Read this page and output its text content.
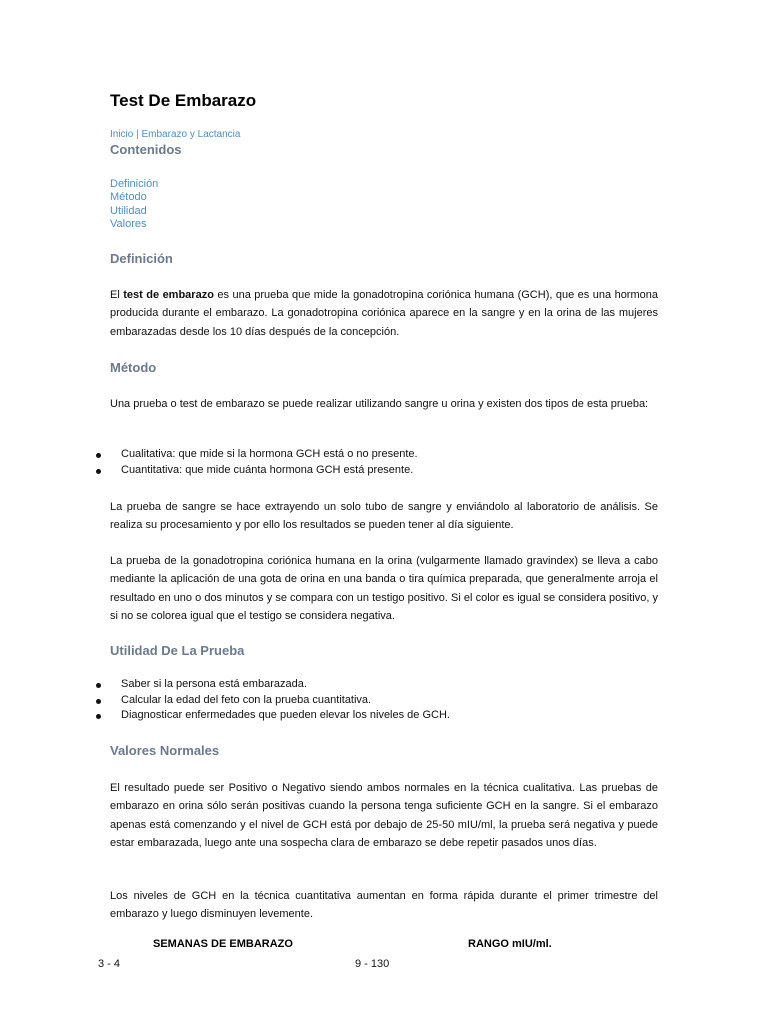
Test De Embarazo
Inicio | Embarazo y Lactancia
Contenidos
Definición
Método
Utilidad
Valores
Definición
El test de embarazo es una prueba que mide la gonadotropina coriónica humana (GCH), que es una hormona producida durante el embarazo. La gonadotropina coriónica aparece en la sangre y en la orina de las mujeres embarazadas desde los 10 días después de la concepción.
Método
Una prueba o test de embarazo se puede realizar utilizando sangre u orina y existen dos tipos de esta prueba:
Cualitativa: que mide si la hormona GCH está o no presente.
Cuantitativa: que mide cuánta hormona GCH está presente.
La prueba de sangre se hace extrayendo un solo tubo de sangre y enviándolo al laboratorio de análisis. Se realiza su procesamiento y por ello los resultados se pueden tener al día siguiente.
La prueba de la gonadotropina coriónica humana en la orina (vulgarmente llamado gravindex) se lleva a cabo mediante la aplicación de una gota de orina en una banda o tira química preparada, que generalmente arroja el resultado en uno o dos minutos y se compara con un testigo positivo. Si el color es igual se considera positivo, y si no se colorea igual que el testigo se considera negativa.
Utilidad De La Prueba
Saber si la persona está embarazada.
Calcular la edad del feto con la prueba cuantitativa.
Diagnosticar enfermedades que pueden elevar los niveles de GCH.
Valores Normales
El resultado puede ser Positivo o Negativo siendo ambos normales en la técnica cualitativa. Las pruebas de embarazo en orina sólo serán positivas cuando la persona tenga suficiente GCH en la sangre. Si el embarazo apenas está comenzando y el nivel de GCH está por debajo de 25-50 mIU/ml, la prueba será negativa y puede estar embarazada, luego ante una sospecha clara de embarazo se debe repetir pasados unos días.
Los niveles de GCH en la técnica cuantitativa aumentan en forma rápida durante el primer trimestre del embarazo y luego disminuyen levemente.
SEMANAS DE EMBARAZO	RANGO mIU/ml.
3 - 4	9 - 130
